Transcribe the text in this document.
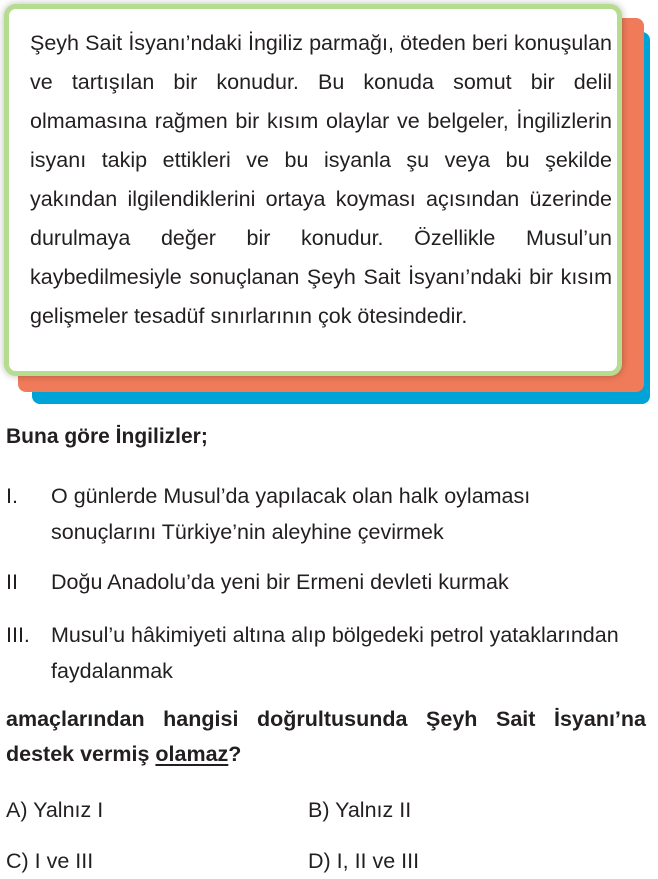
Şeyh Sait İsyanı’ndaki İngiliz parmağı, öteden beri konuşulan ve tartışılan bir konudur. Bu konuda somut bir delil olmamasına rağmen bir kısım olaylar ve belgeler, İngilizlerin isyanı takip ettikleri ve bu isyanla şu veya bu şekilde yakından ilgilendiklerini ortaya koyması açısından üzerinde durulmaya değer bir konudur. Özellikle Musul’un kaybedilmesiyle sonuçlanan Şeyh Sait İsyanı’ndaki bir kısım gelişmeler tesadüf sınırlarının çok ötesindedir.

Buna göre İngilizler;

I. O günlerde Musul’da yapılacak olan halk oylaması sonuçlarını Türkiye’nin aleyhine çevirmek
II Doğu Anadolu’da yeni bir Ermeni devleti kurmak
III. Musul’u hâkimiyeti altına alıp bölgedeki petrol yataklarından faydalanmak

amaçlarından hangisi doğrultusunda Şeyh Sait İsyanı’na destek vermiş olamaz?

A) Yalnız I	B) Yalnız II
C) I ve III	D) I, II ve III
